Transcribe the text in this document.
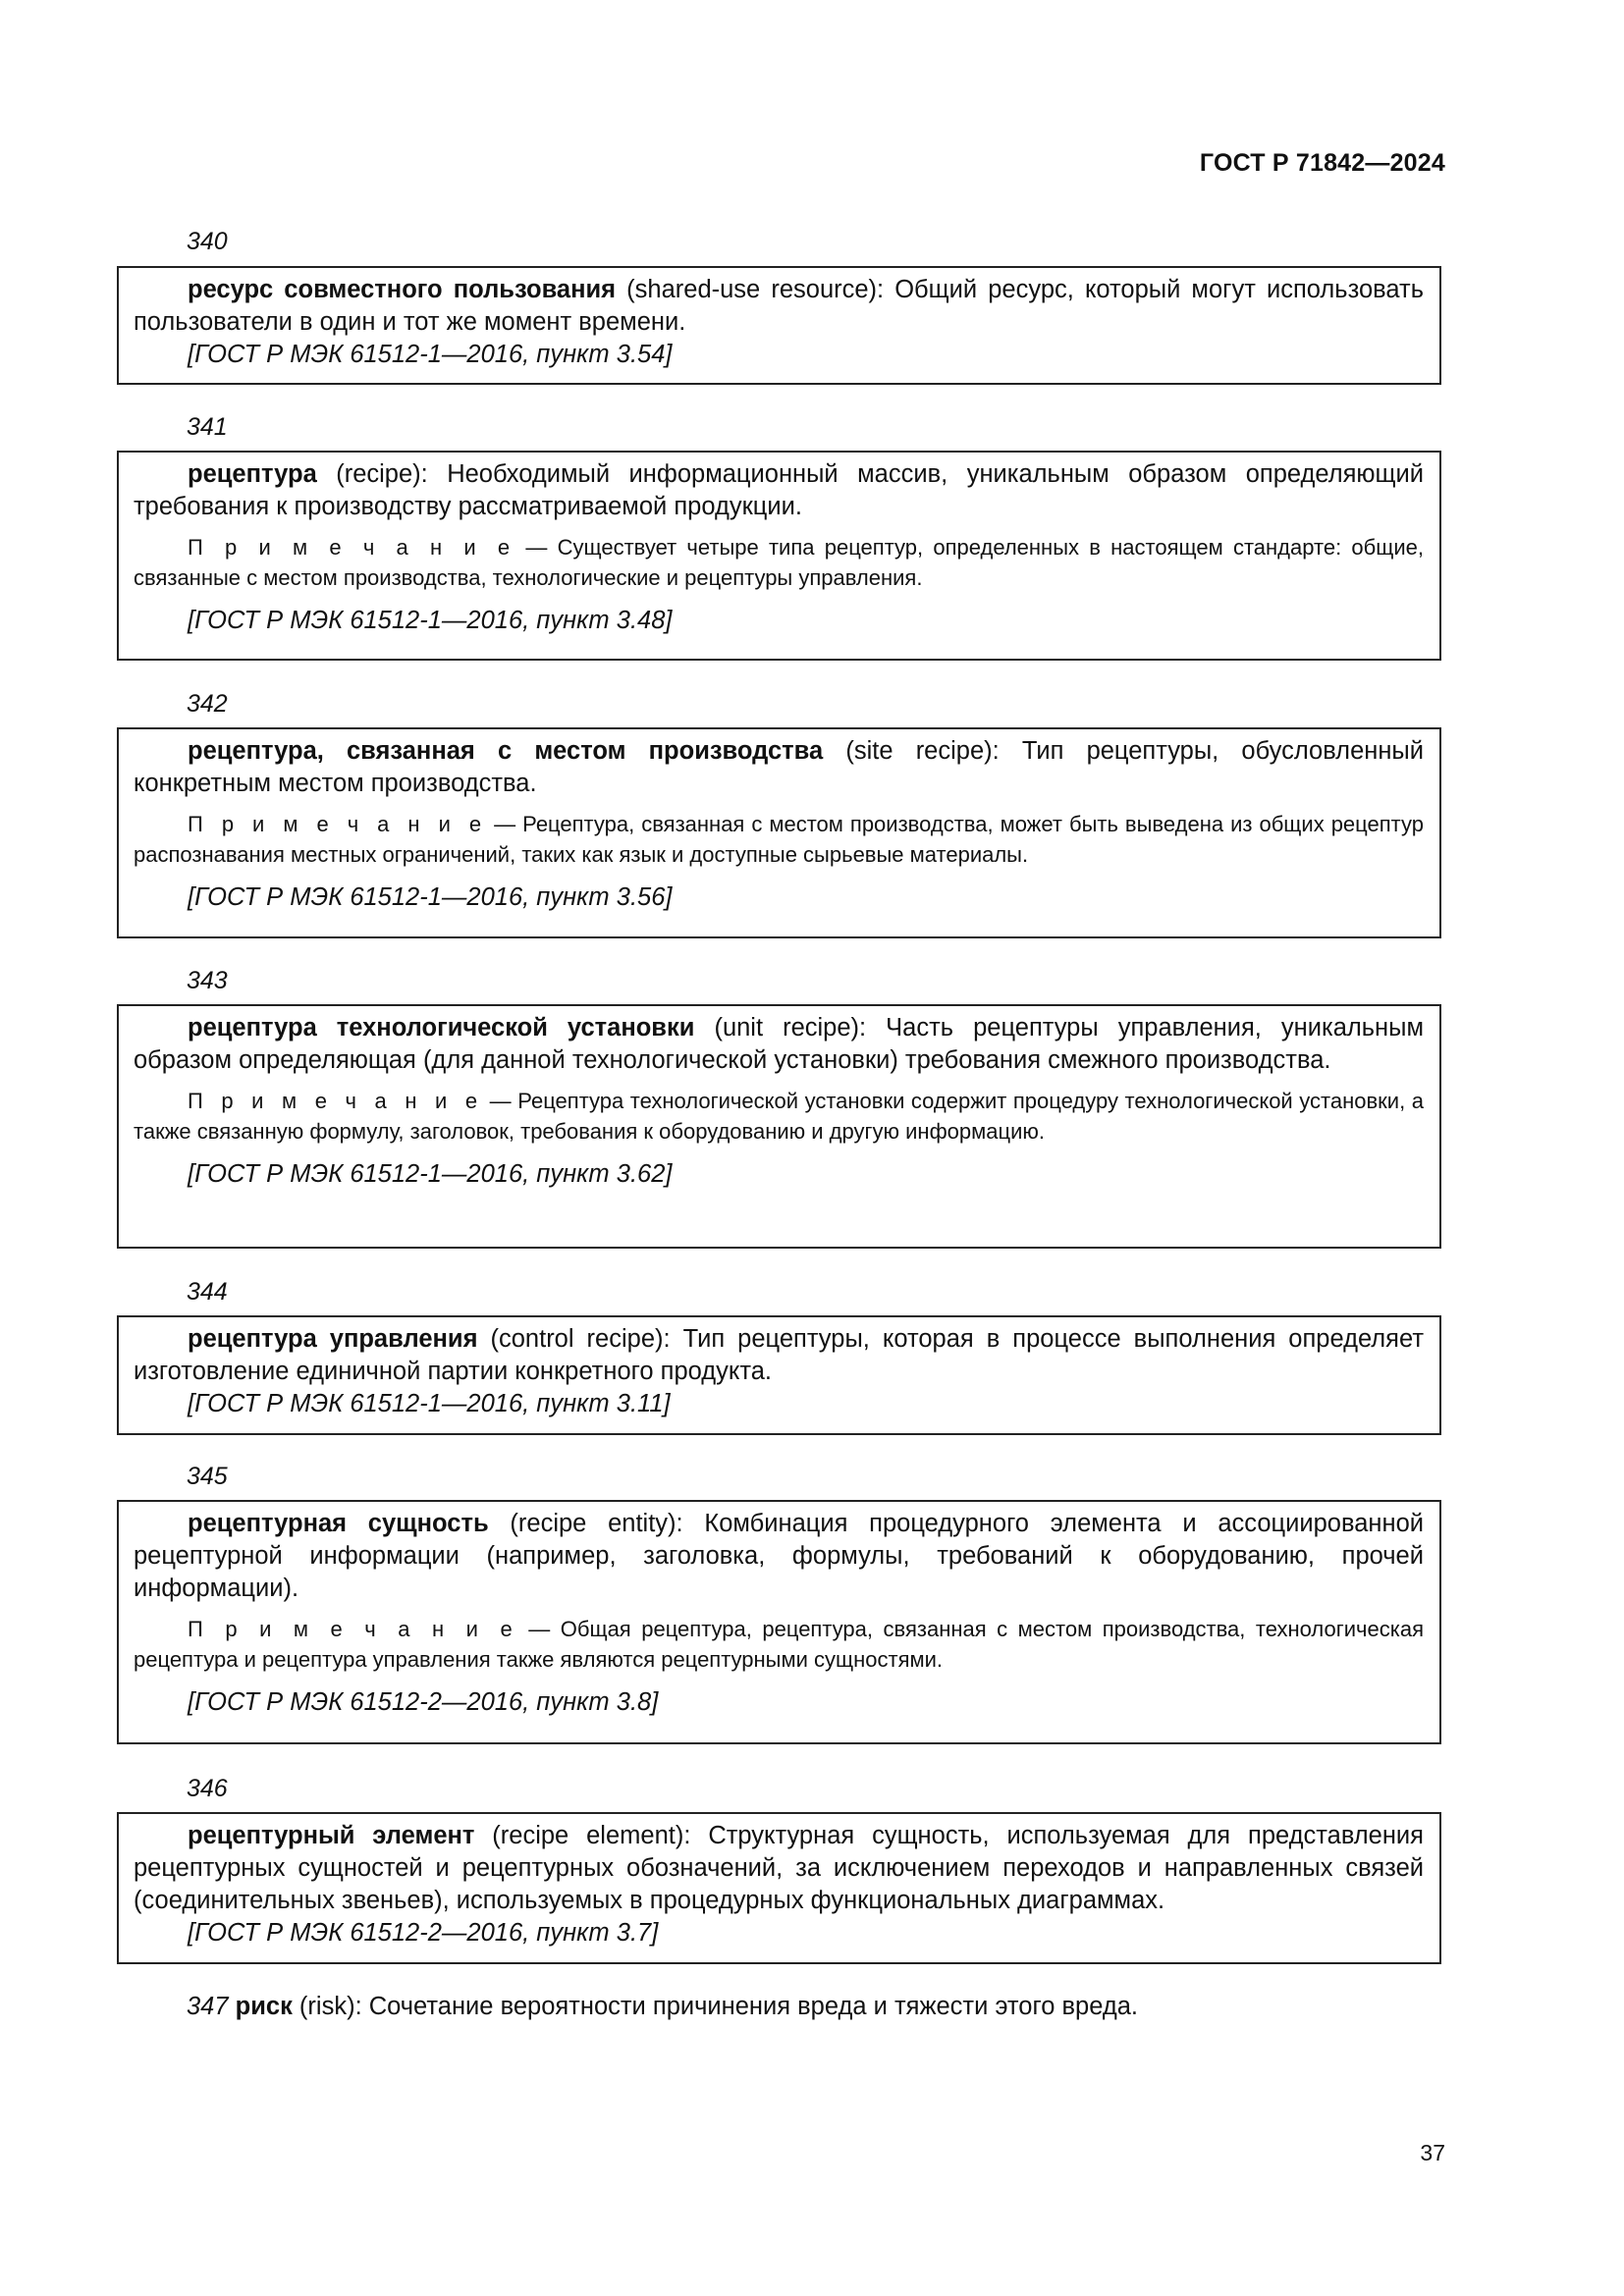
ГОСТ Р 71842—2024
340

ресурс совместного пользования (shared-use resource): Общий ресурс, который могут использовать пользователи в один и тот же момент времени.

[ГОСТ Р МЭК 61512-1—2016, пункт 3.54]

341

рецептура (recipe): Необходимый информационный массив, уникальным образом определяющий требования к производству рассматриваемой продукции.

П р и м е ч а н и е — Существует четыре типа рецептур, определенных в настоящем стандарте: общие, связанные с местом производства, технологические и рецептуры управления.

[ГОСТ Р МЭК 61512-1—2016, пункт 3.48]

342

рецептура, связанная с местом производства (site recipe): Тип рецептуры, обусловленный конкретным местом производства.

П р и м е ч а н и е — Рецептура, связанная с местом производства, может быть выведена из общих рецептур распознавания местных ограничений, таких как язык и доступные сырьевые материалы.

[ГОСТ Р МЭК 61512-1—2016, пункт 3.56]

343

рецептура технологической установки (unit recipe): Часть рецептуры управления, уникальным образом определяющая (для данной технологической установки) требования смежного производства.

П р и м е ч а н и е — Рецептура технологической установки содержит процедуру технологической установки, а также связанную формулу, заголовок, требования к оборудованию и другую информацию.

[ГОСТ Р МЭК 61512-1—2016, пункт 3.62]

344

рецептура управления (control recipe): Тип рецептуры, которая в процессе выполнения определяет изготовление единичной партии конкретного продукта.

[ГОСТ Р МЭК 61512-1—2016, пункт 3.11]

345

рецептурная сущность (recipe entity): Комбинация процедурного элемента и ассоциированной рецептурной информации (например, заголовка, формулы, требований к оборудованию, прочей информации).

П р и м е ч а н и е — Общая рецептура, рецептура, связанная с местом производства, технологическая рецептура и рецептура управления также являются рецептурными сущностями.

[ГОСТ Р МЭК 61512-2—2016, пункт 3.8]

346

рецептурный элемент (recipe element): Структурная сущность, используемая для представления рецептурных сущностей и рецептурных обозначений, за исключением переходов и направленных связей (соединительных звеньев), используемых в процедурных функциональных диаграммах.

[ГОСТ Р МЭК 61512-2—2016, пункт 3.7]

347 риск (risk): Сочетание вероятности причинения вреда и тяжести этого вреда.
37
